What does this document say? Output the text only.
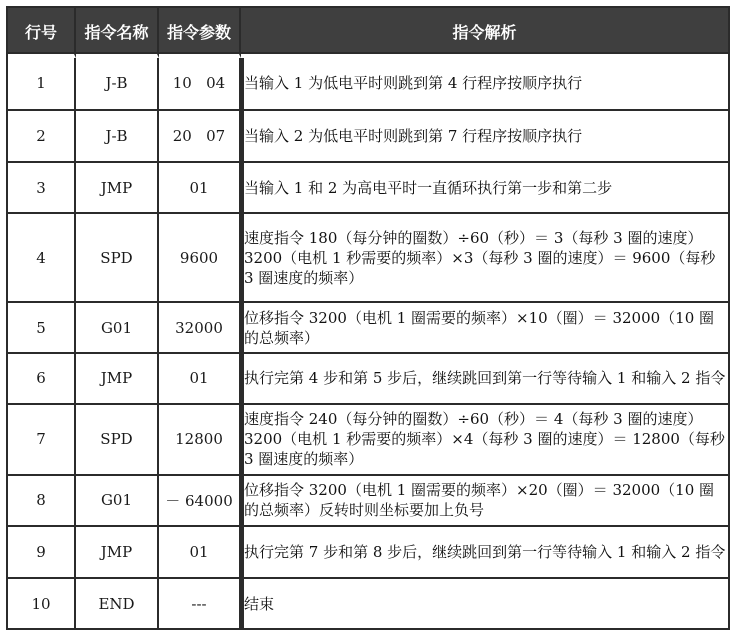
行号	指令名称	指令参数	指令解析
1	J-B	10   04	当输入 1 为低电平时则跳到第 4 行程序按顺序执行
2	J-B	20   07	当输入 2 为低电平时则跳到第 7 行程序按顺序执行
3	JMP	01	当输入 1 和 2 为高电平时一直循环执行第一步和第二步
4	SPD	9600	速度指令 180（每分钟的圈数）÷60（秒）＝ 3（每秒 3 圈的速度）3200（电机 1 秒需要的频率）×3（每秒 3 圈的速度）＝ 9600（每秒 3 圈速度的频率）
5	G01	32000	位移指令 3200（电机 1 圈需要的频率）×10（圈）＝ 32000（10 圈的总频率）
6	JMP	01	执行完第 4 步和第 5 步后，继续跳回到第一行等待输入 1 和输入 2 指令
7	SPD	12800	速度指令 240（每分钟的圈数）÷60（秒）＝ 4（每秒 3 圈的速度）3200（电机 1 秒需要的频率）×4（每秒 3 圈的速度）＝ 12800（每秒 3 圈速度的频率）
8	G01	－ 64000	位移指令 3200（电机 1 圈需要的频率）×20（圈）＝ 32000（10 圈的总频率）反转时则坐标要加上负号
9	JMP	01	执行完第 7 步和第 8 步后，继续跳回到第一行等待输入 1 和输入 2 指令
10	END	---	结束
